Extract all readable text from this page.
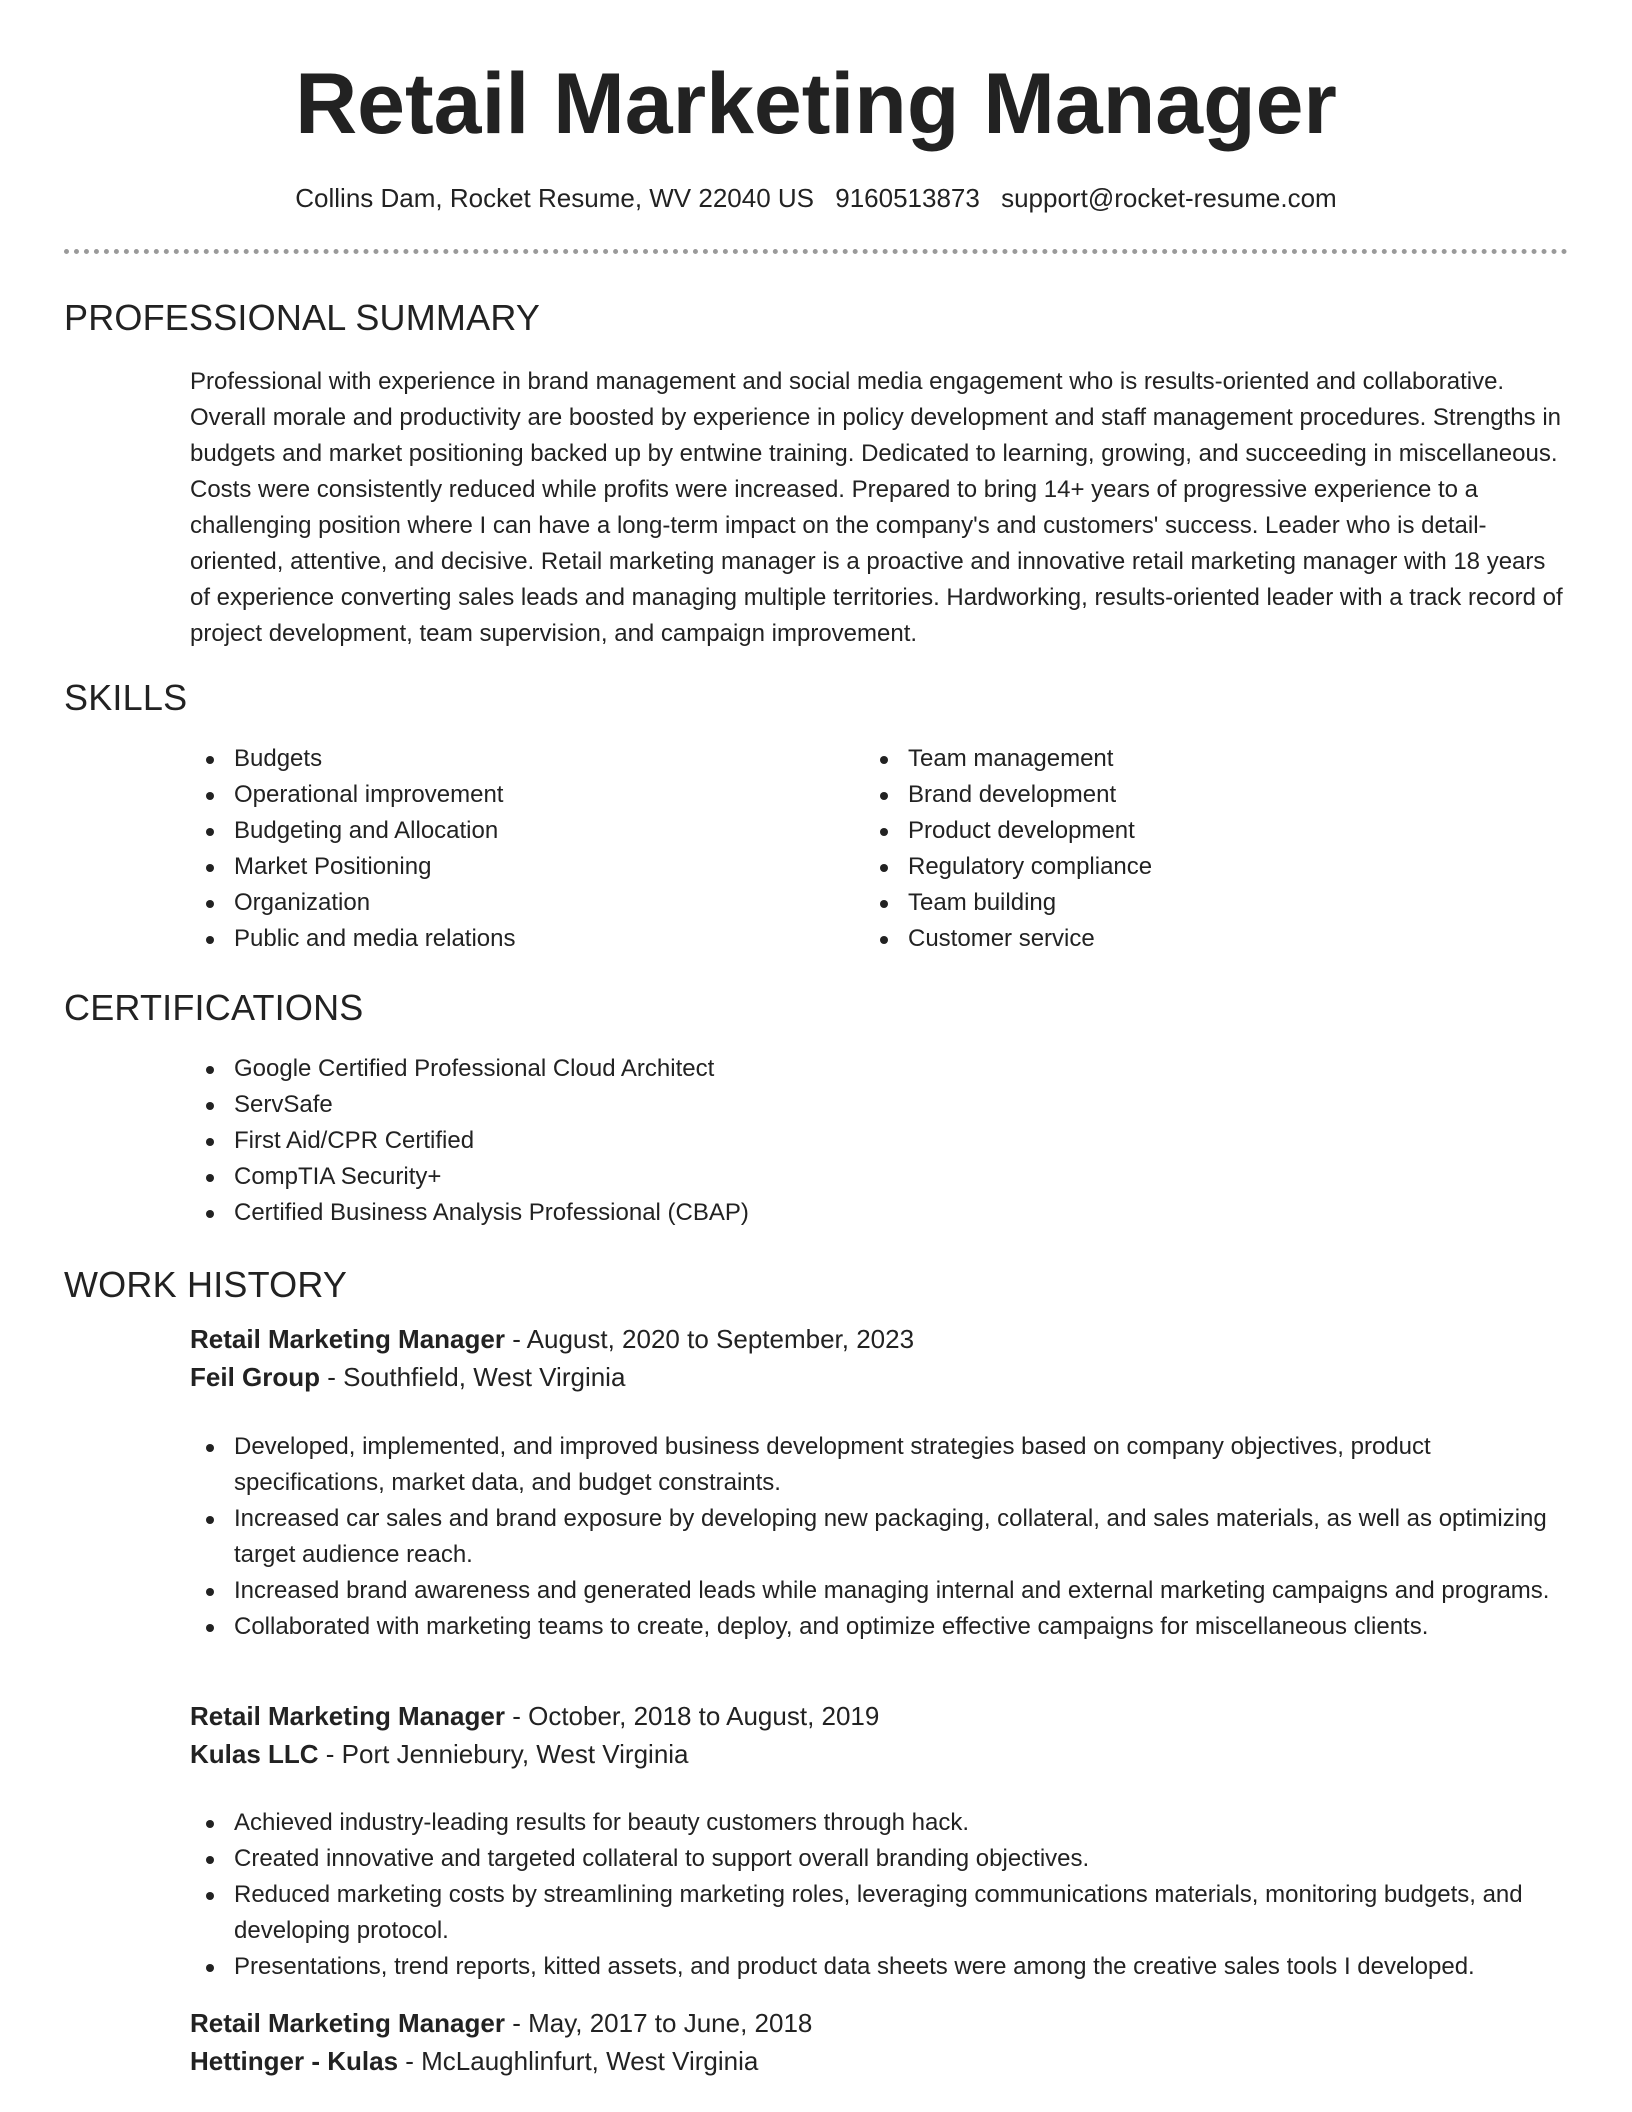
Retail Marketing Manager
Collins Dam, Rocket Resume, WV 22040 US 9160513873 support@rocket-resume.com
PROFESSIONAL SUMMARY

Professional with experience in brand management and social media engagement who is results-oriented and collaborative. Overall morale and productivity are boosted by experience in policy development and staff management procedures. Strengths in budgets and market positioning backed up by entwine training. Dedicated to learning, growing, and succeeding in miscellaneous. Costs were consistently reduced while profits were increased. Prepared to bring 14+ years of progressive experience to a challenging position where I can have a long-term impact on the company's and customers' success. Leader who is detail-oriented, attentive, and decisive. Retail marketing manager is a proactive and innovative retail marketing manager with 18 years of experience converting sales leads and managing multiple territories. Hardworking, results-oriented leader with a track record of project development, team supervision, and campaign improvement.

SKILLS
Budgets
Operational improvement
Budgeting and Allocation
Market Positioning
Organization
Public and media relations
Team management
Brand development
Product development
Regulatory compliance
Team building
Customer service
CERTIFICATIONS
Google Certified Professional Cloud Architect
ServSafe
First Aid/CPR Certified
CompTIA Security+
Certified Business Analysis Professional (CBAP)
WORK HISTORY
Retail Marketing Manager - August, 2020 to September, 2023
Feil Group - Southfield, West Virginia
Developed, implemented, and improved business development strategies based on company objectives, product specifications, market data, and budget constraints.
Increased car sales and brand exposure by developing new packaging, collateral, and sales materials, as well as optimizing target audience reach.
Increased brand awareness and generated leads while managing internal and external marketing campaigns and programs.
Collaborated with marketing teams to create, deploy, and optimize effective campaigns for miscellaneous clients.
Retail Marketing Manager - October, 2018 to August, 2019
Kulas LLC - Port Jenniebury, West Virginia
Achieved industry-leading results for beauty customers through hack.
Created innovative and targeted collateral to support overall branding objectives.
Reduced marketing costs by streamlining marketing roles, leveraging communications materials, monitoring budgets, and developing protocol.
Presentations, trend reports, kitted assets, and product data sheets were among the creative sales tools I developed.
Retail Marketing Manager - May, 2017 to June, 2018
Hettinger - Kulas - McLaughlinfurt, West Virginia
